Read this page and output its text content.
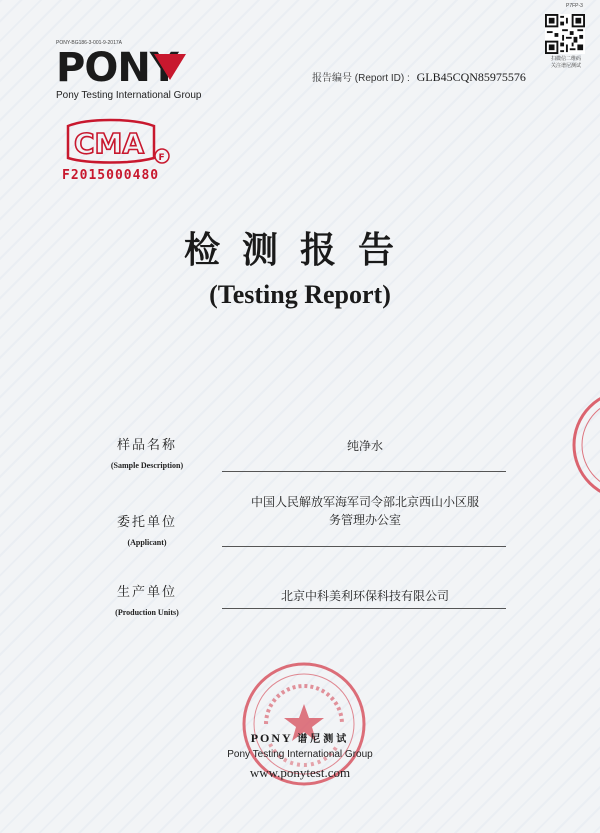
P7FP-3
扫微信二维码
关注谱尼测试
PONY-BG186-3-001-9-2017A
PONY
Pony Testing International Group
报告编号 (Report ID) : GLB45CQN85975576
CMA F
F2015000480
检测报告
(Testing Report)
样品名称
(Sample Description)
纯净水
委托单位
(Applicant)
中国人民解放军海军司令部北京西山小区服
务管理办公室
生产单位
(Production Units)
北京中科美利环保科技有限公司
PONY 谱尼测试
Pony Testing International Group
www.ponytest.com
